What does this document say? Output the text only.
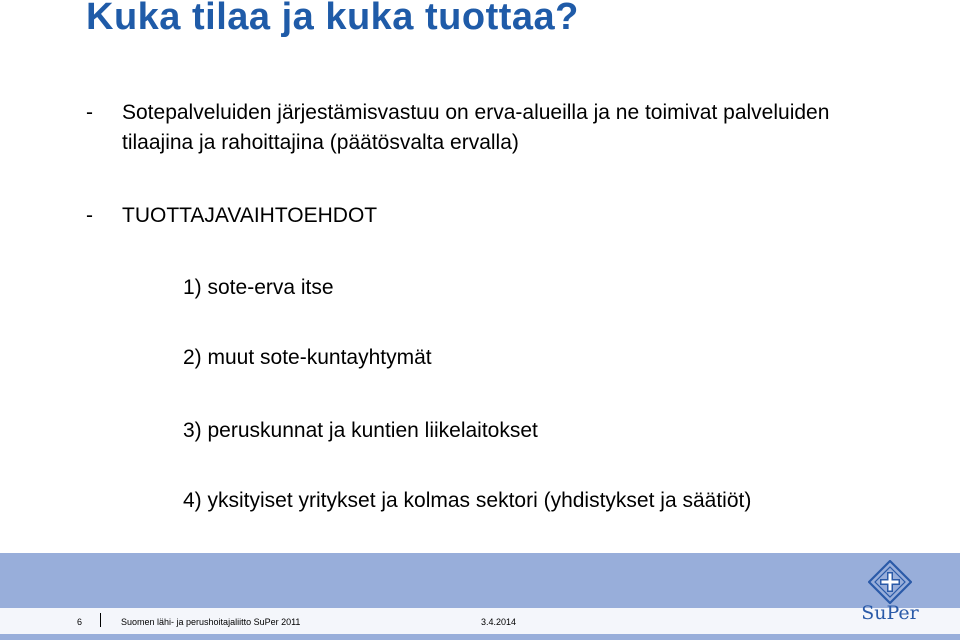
Kuka tilaa ja kuka tuottaa?
- Sotepalveluiden järjestämisvastuu on erva-alueilla ja ne toimivat palveluiden tilaajina ja rahoittajina (päätösvalta ervalla)
- TUOTTAJAVAIHTOEHDOT
1) sote-erva itse
2) muut sote-kuntayhtymät
3) peruskunnat ja kuntien liikelaitokset
4) yksityiset yritykset ja kolmas sektori (yhdistykset ja säätiöt)
6	Suomen lähi- ja perushoitajaliitto SuPer 2011	3.4.2014	SuPer
